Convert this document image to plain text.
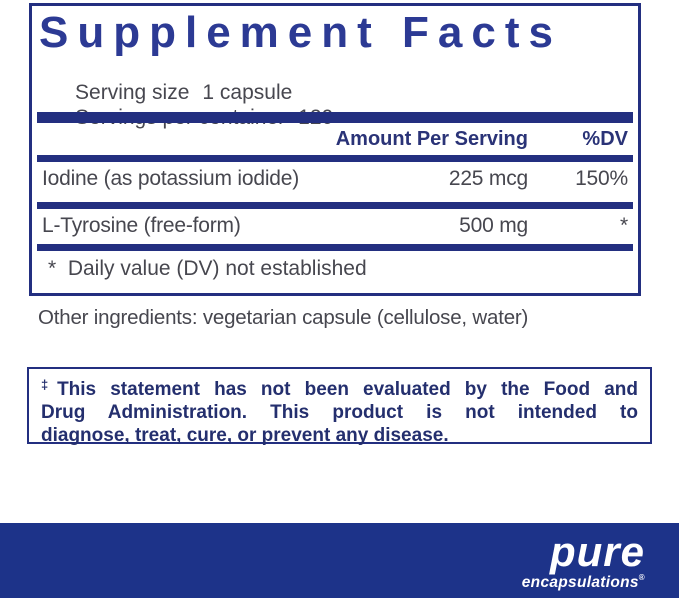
Supplement Facts

Serving size 1 capsule

Amount Per Serving	%DV
Iodine (as potassium iodide)	225 mcg	150%
L-Tyrosine (free-form)	500 mg	*
*  Daily value (DV) not established
Other ingredients: vegetarian capsule (cellulose, water)
‡This statement has not been evaluated by the Food and
Drug Administration. This product is not intended to
diagnose, treat, cure, or prevent any disease.
pure
encapsulations®
